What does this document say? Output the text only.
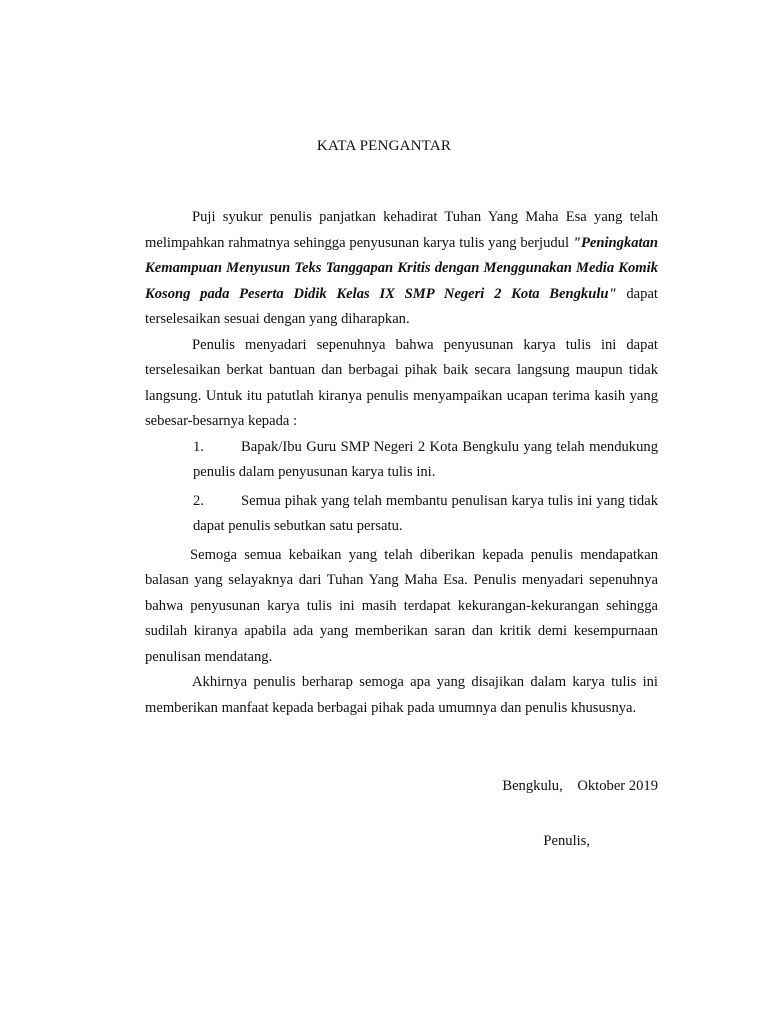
KATA PENGANTAR

Puji syukur penulis panjatkan kehadirat Tuhan Yang Maha Esa yang telah melimpahkan rahmatnya sehingga penyusunan karya tulis yang berjudul "Peningkatan Kemampuan Menyusun Teks Tanggapan Kritis dengan Menggunakan Media Komik Kosong pada Peserta Didik Kelas IX SMP Negeri 2 Kota Bengkulu" dapat terselesaikan sesuai dengan yang diharapkan.

Penulis menyadari sepenuhnya bahwa penyusunan karya tulis ini dapat terselesaikan berkat bantuan dan berbagai pihak baik secara langsung maupun tidak langsung. Untuk itu patutlah kiranya penulis menyampaikan ucapan terima kasih yang sebesar-besarnya kepada :

1.	Bapak/Ibu Guru SMP Negeri 2 Kota Bengkulu yang telah mendukung penulis dalam penyusunan karya tulis ini.
2.	Semua pihak yang telah membantu penulisan karya tulis ini yang tidak dapat penulis sebutkan satu persatu.

Semoga semua kebaikan yang telah diberikan kepada penulis mendapatkan balasan yang selayaknya dari Tuhan Yang Maha Esa. Penulis menyadari sepenuhnya bahwa penyusunan karya tulis ini masih terdapat kekurangan-kekurangan sehingga sudilah kiranya apabila ada yang memberikan saran dan kritik demi kesempurnaan penulisan mendatang.

Akhirnya penulis berharap semoga apa yang disajikan dalam karya tulis ini memberikan manfaat kepada berbagai pihak pada umumnya dan penulis khususnya.

Bengkulu,    Oktober 2019
Penulis,
